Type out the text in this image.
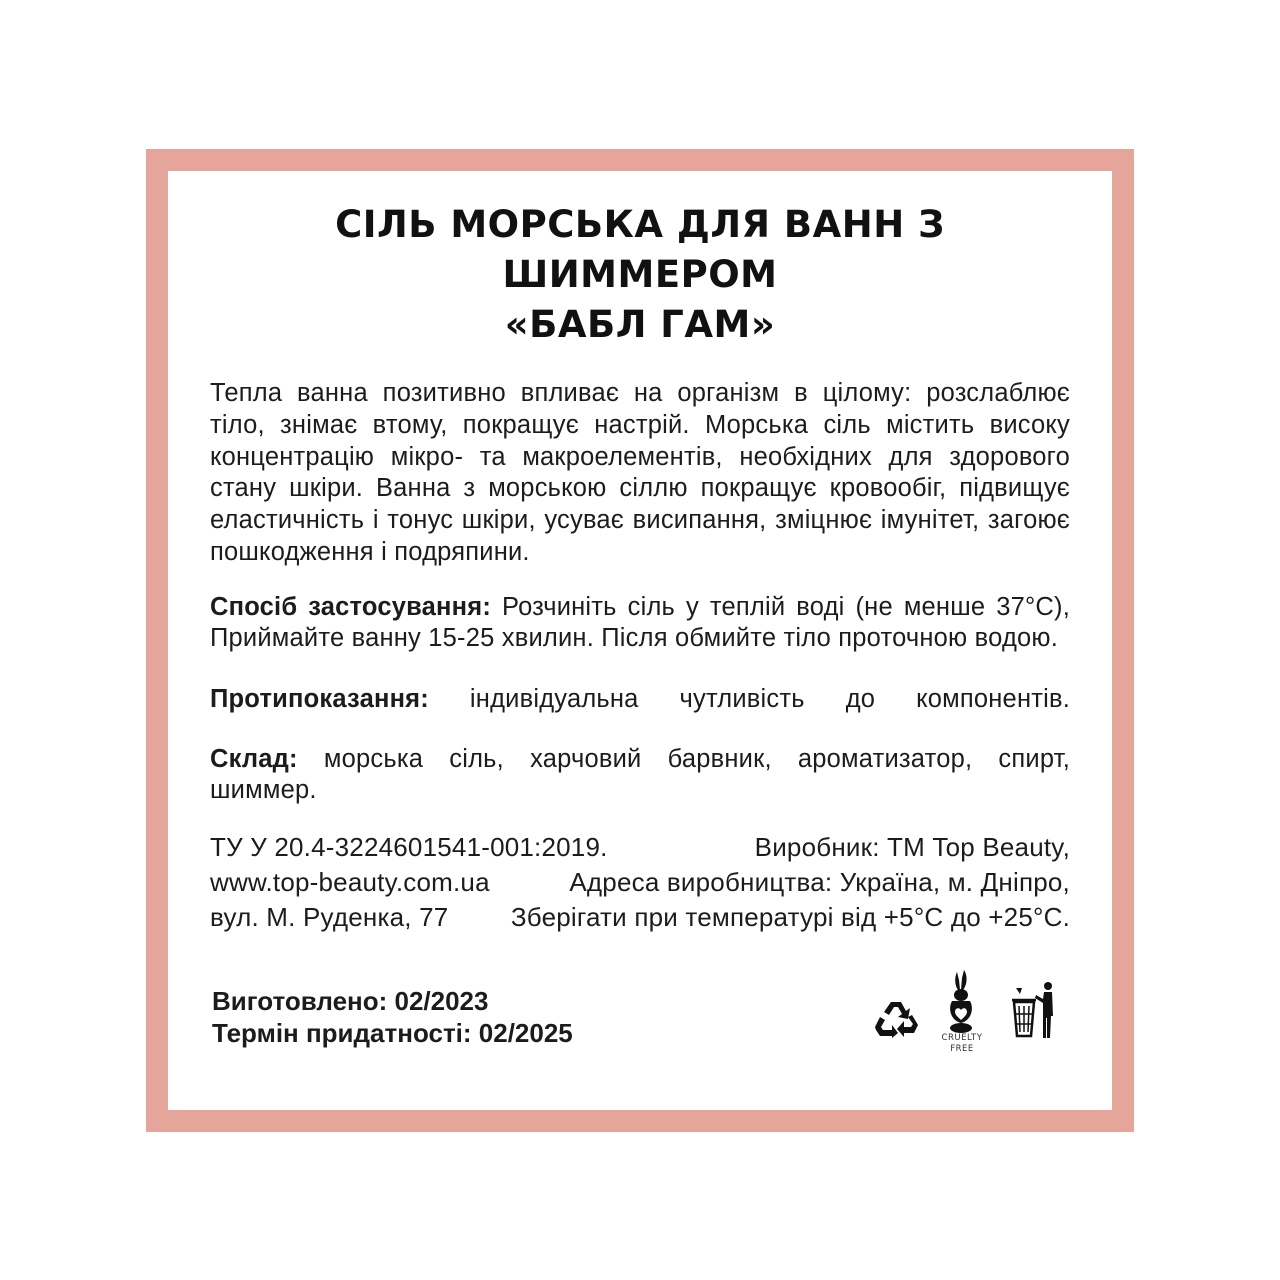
СІЛЬ МОРСЬКА ДЛЯ ВАНН З ШИММЕРОМ
«БАБЛ ГАМ»
Тепла ванна позитивно впливає на організм в цілому: розслаблює тіло, знімає втому, покращує настрій. Морська сіль містить високу концентрацію мікро- та макроелементів, необхідних для здорового стану шкіри. Ванна з морською сіллю покращує кровообіг, підвищує еластичність і тонус шкіри, усуває висипання, зміцнює імунітет, загоює пошкодження і подряпини.
Спосіб застосування: Розчиніть сіль у теплій воді (не менше 37°С), Приймайте ванну 15-25 хвилин. Після обмийте тіло проточною водою.
Протипоказання: індивідуальна чутливість до компонентів.
Склад: морська сіль, харчовий барвник, ароматизатор, спирт, шиммер.
ТУ У 20.4-3224601541-001:2019.	Виробник: ТМ Top Beauty,
www.top-beauty.com.ua	Адреса виробництва: Україна, м. Дніпро,
вул. М. Руденка, 77 Зберігати при температурі від +5°С до +25°С.
Виготовлено: 02/2023
Термін придатності: 02/2025	CRUELTY
FREE
